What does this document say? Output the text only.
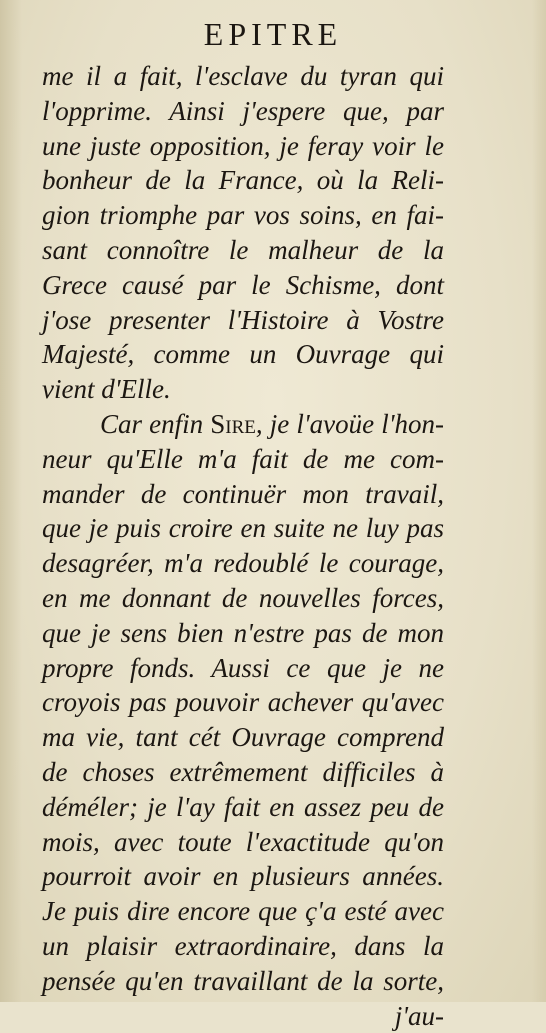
EPITRE
me il a fait, l'esclave du tyran qui
l'opprime. Ainsi j'espere que, par
une juste opposition, je feray voir le
bonheur de la France, où la Reli-
gion triomphe par vos soins, en fai-
sant connoître le malheur de la
Grece causé par le Schisme, dont
j'ose presenter l'Histoire à Vostre
Majesté, comme un Ouvrage qui
vient d'Elle.
Car enfin Sire, je l'avoüe l'hon-
neur qu'Elle m'a fait de me com-
mander de continuër mon travail,
que je puis croire en suite ne luy pas
desagréer, m'a redoublé le courage,
en me donnant de nouvelles forces,
que je sens bien n'estre pas de mon
propre fonds. Aussi ce que je ne
croyois pas pouvoir achever qu'avec
ma vie, tant cét Ouvrage comprend
de choses extrêmement difficiles à
déméler; je l'ay fait en assez peu de
mois, avec toute l'exactitude qu'on
pourroit avoir en plusieurs années.
Je puis dire encore que ç'a esté avec
un plaisir extraordinaire, dans la
pensée qu'en travaillant de la sorte,
j'au-
